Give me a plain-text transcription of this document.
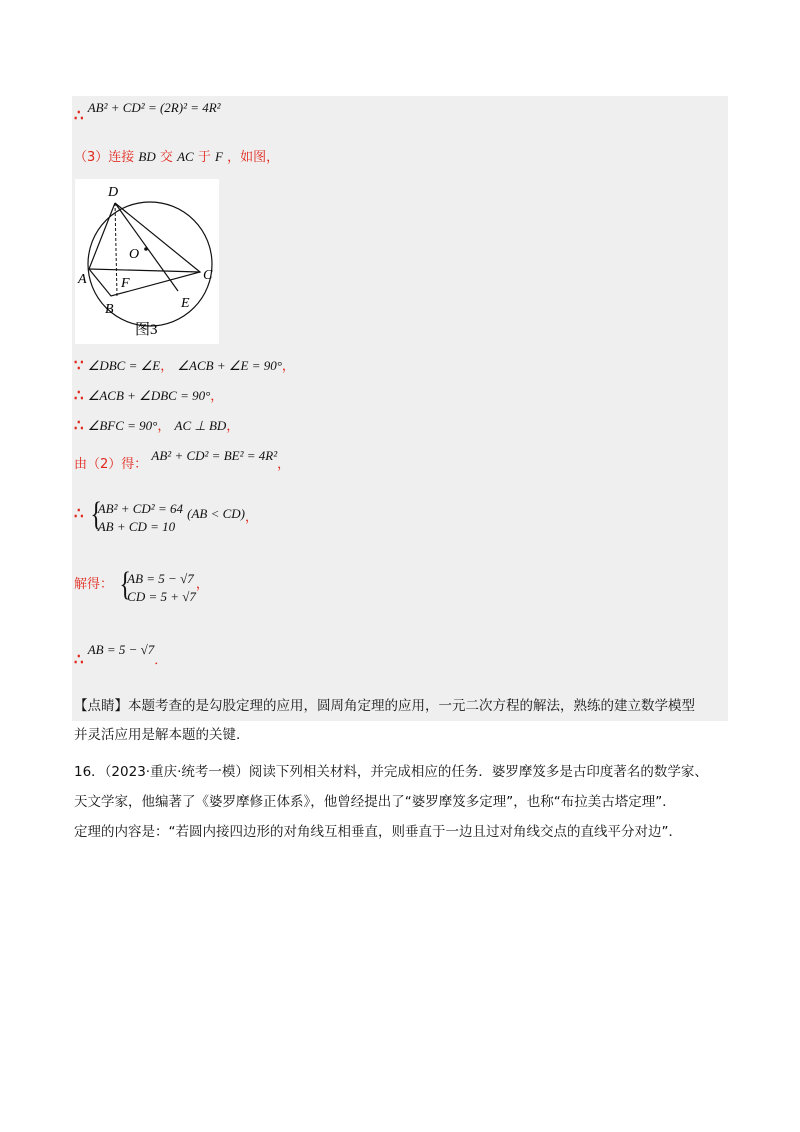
∴ AB² + CD² = (2R)² = 4R²
（3）连接 BD 交 AC 于 F ，如图，
D
O
A F
C
B	E
图3
∵ ∠DBC = ∠E， ∠ACB + ∠E = 90°，
∴ ∠ACB + ∠DBC = 90°，
∴ ∠BFC = 90°， AC ⊥ BD，
由（2）得： AB² + CD² = BE² = 4R²，
∴ {
AB² + CD² = 64
AB + CD = 10
(AB < CD)，
解得： {
AB = 5 − √7
CD = 5 + √7
，
∴ AB = 5 − √7．
【点睛】本题考查的是勾股定理的应用，圆周角定理的应用，一元二次方程的解法，熟练的建立数学模型
并灵活应用是解本题的关键.
16．（2023·重庆·统考一模）阅读下列相关材料，并完成相应的任务．婆罗摩笈多是古印度著名的数学家、
天文学家，他编著了《婆罗摩修正体系》，他曾经提出了“婆罗摩笈多定理”，也称“布拉美古塔定理”．
定理的内容是：“若圆内接四边形的对角线互相垂直，则垂直于一边且过对角线交点的直线平分对边”．
